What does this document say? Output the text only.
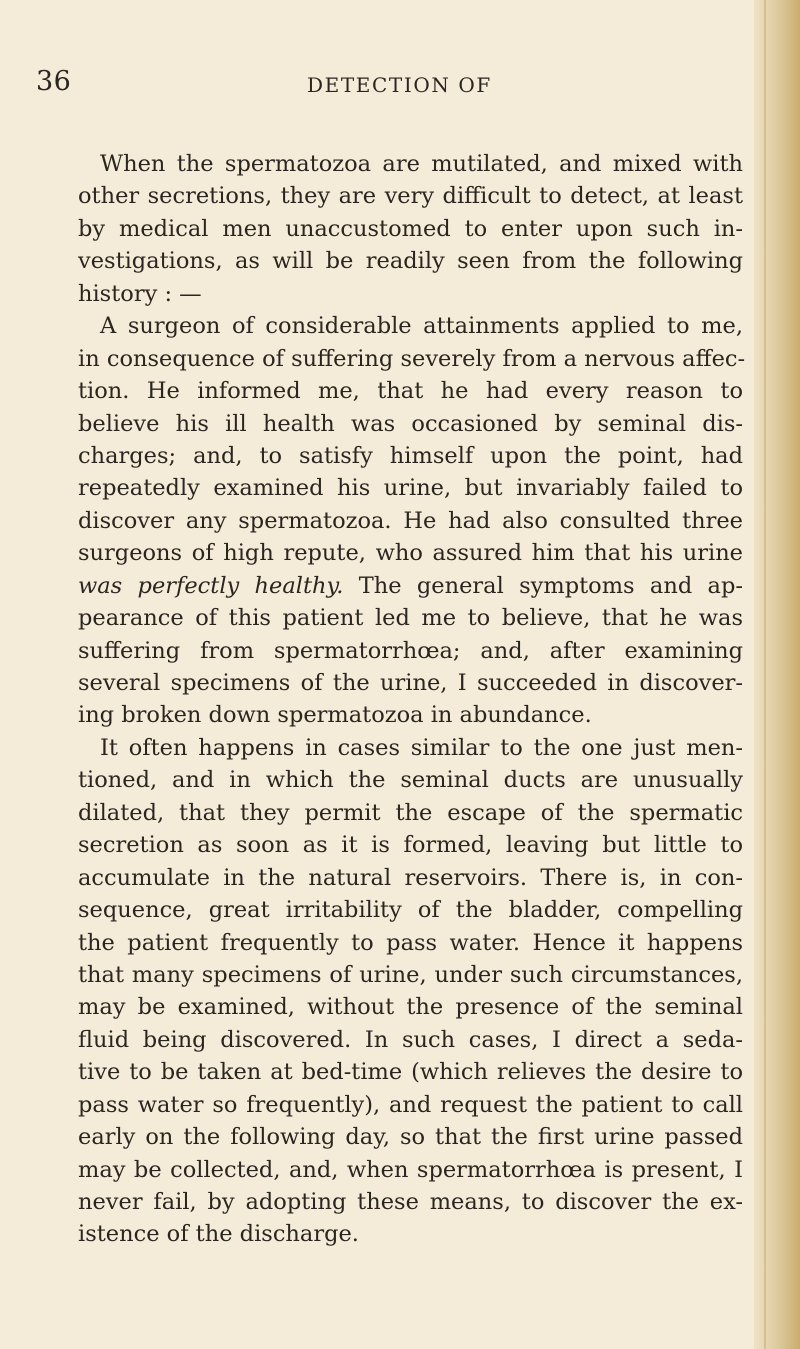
36	DETECTION OF
When the spermatozoa are mutilated, and mixed with
other secretions, they are very difficult to detect, at least
by medical men unaccustomed to enter upon such in-
vestigations, as will be readily seen from the following
history : —
A surgeon of considerable attainments applied to me,
in consequence of suffering severely from a nervous affec-
tion. He informed me, that he had every reason to
believe his ill health was occasioned by seminal dis-
charges; and, to satisfy himself upon the point, had
repeatedly examined his urine, but invariably failed to
discover any spermatozoa. He had also consulted three
surgeons of high repute, who assured him that his urine
was perfectly healthy. The general symptoms and ap-
pearance of this patient led me to believe, that he was
suffering from spermatorrhœa; and, after examining
several specimens of the urine, I succeeded in discover-
ing broken down spermatozoa in abundance.
It often happens in cases similar to the one just men-
tioned, and in which the seminal ducts are unusually
dilated, that they permit the escape of the spermatic
secretion as soon as it is formed, leaving but little to
accumulate in the natural reservoirs. There is, in con-
sequence, great irritability of the bladder, compelling
the patient frequently to pass water. Hence it happens
that many specimens of urine, under such circumstances,
may be examined, without the presence of the seminal
fluid being discovered. In such cases, I direct a seda-
tive to be taken at bed-time (which relieves the desire to
pass water so frequently), and request the patient to call
early on the following day, so that the first urine passed
may be collected, and, when spermatorrhœa is present, I
never fail, by adopting these means, to discover the ex-
istence of the discharge.
